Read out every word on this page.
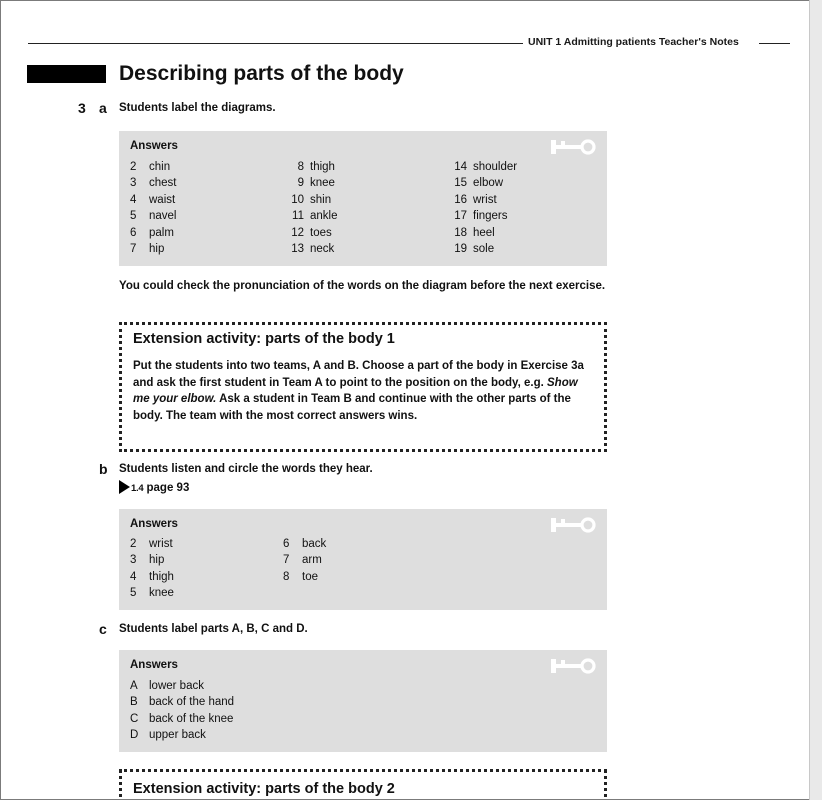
UNIT 1 Admitting patients Teacher's Notes
Describing parts of the body
3 a Students label the diagrams.
Answers
2 chin
3 chest
4 waist
5 navel
6 palm
7 hip
8 thigh
9 knee
10 shin
11 ankle
12 toes
13 neck
14 shoulder
15 elbow
16 wrist
17 fingers
18 heel
19 sole
You could check the pronunciation of the words on the diagram before the next exercise.
Extension activity: parts of the body 1
Put the students into two teams, A and B. Choose a part of the body in Exercise 3a and ask the first student in Team A to point to the position on the body, e.g. Show me your elbow. Ask a student in Team B and continue with the other parts of the body. The team with the most correct answers wins.
b Students listen and circle the words they hear.
1.4 page 93
Answers
2 wrist
3 hip
4 thigh
5 knee
6 back
7 arm
8 toe
c Students label parts A, B, C and D.
Answers
A lower back
B back of the hand
C back of the knee
D upper back
Extension activity: parts of the body 2
